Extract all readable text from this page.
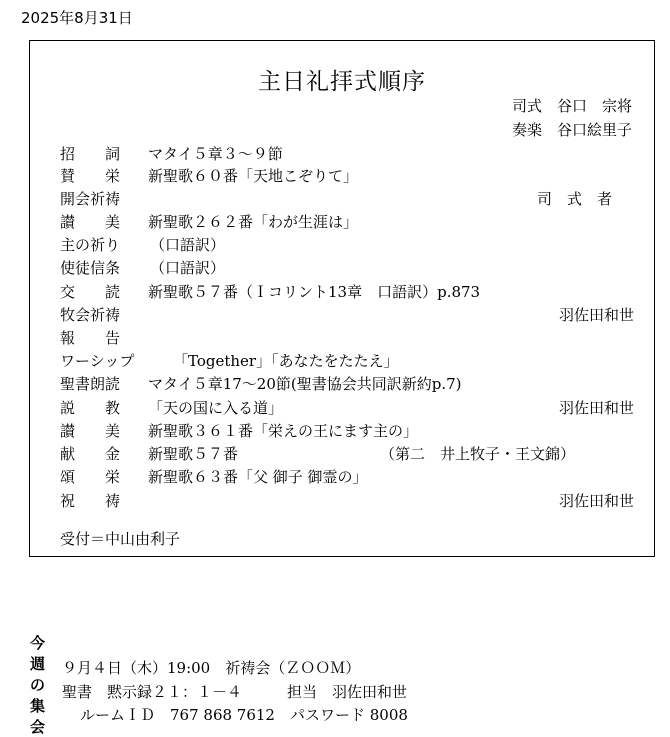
2025年8月31日
主日礼拝式順序
司式　谷口　宗将
奏楽　谷口絵里子
招　　詞 マタイ５章３～９節
賛　　栄 新聖歌６０番「天地こぞりて」
開会祈祷	司　式　者
讃　　美 新聖歌２６２番「わが生涯は」
主の祈り （口語訳）
使徒信条 （口語訳）
交　　読 新聖歌５７番（Ｉコリント13章　口語訳）p.873
牧会祈祷	羽佐田和世
報　　告
ワーシップ	「Together」「あなたをたたえ」
聖書朗読 マタイ５章17～20節(聖書協会共同訳新約p.7)
説　　教 「天の国に入る道」	羽佐田和世
讃　　美 新聖歌３６１番「栄えの王にます主の」
献　　金 新聖歌５７番	（第二　井上牧子・王文錦）
頌　　栄 新聖歌６３番「父 御子 御霊の」
祝　　祷	羽佐田和世
受付＝中山由利子
今週の集会
９月４日（木）19:00　祈祷会（ＺＯＯＭ）
聖書　黙示録２１：１－４　　　担当　羽佐田和世
ルームＩＤ　767 868 7612　パスワード 8008
